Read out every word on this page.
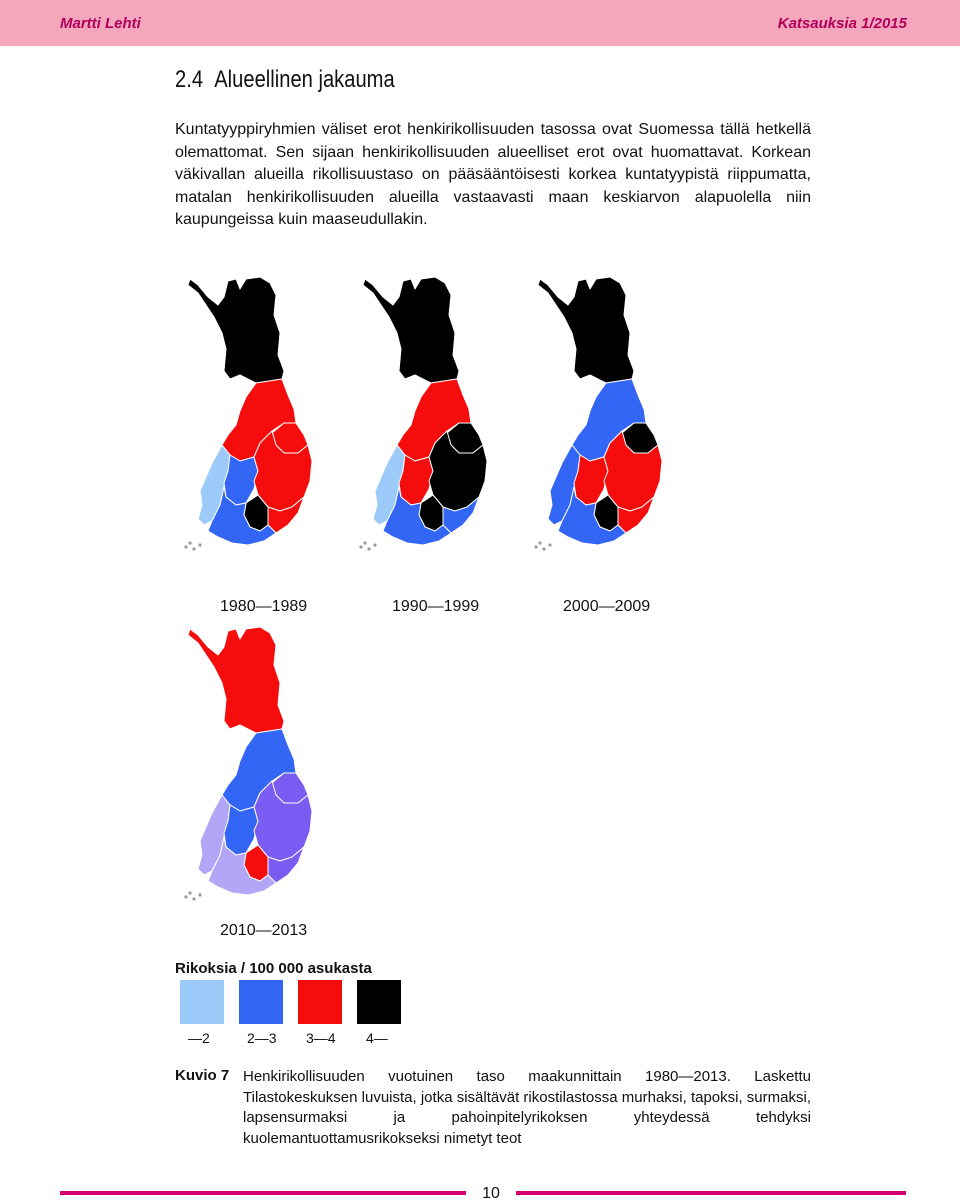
Martti Lehti	Katsauksia 1/2015
2.4  Alueellinen jakauma
Kuntatyyppiryhmien väliset erot henkirikollisuuden tasossa ovat Suomessa tällä hetkellä olemattomat. Sen sijaan henkirikollisuuden alueelliset erot ovat huomattavat. Korkean väkivallan alueilla rikollisuustaso on pääsääntöisesti korkea kuntatyypistä riippumatta, matalan henkirikollisuuden alueilla vastaavasti maan keskiarvon alapuolella niin kaupungeissa kuin maaseudullakin.
1980—1989	1990—1999	2000—2009
2010—2013
Rikoksia / 100 000 asukasta
—2	2—3 3—4 4—
Kuvio 7 Henkirikollisuuden vuotuinen taso maakunnittain 1980—2013. Laskettu Tilastokeskuksen luvuista, jotka sisältävät rikostilastossa murhaksi, tapoksi, surmaksi, lapsensurmaksi ja pahoinpitelyrikoksen yhteydessä tehdyksi kuolemantuottamusrikokseksi nimetyt teot
10
